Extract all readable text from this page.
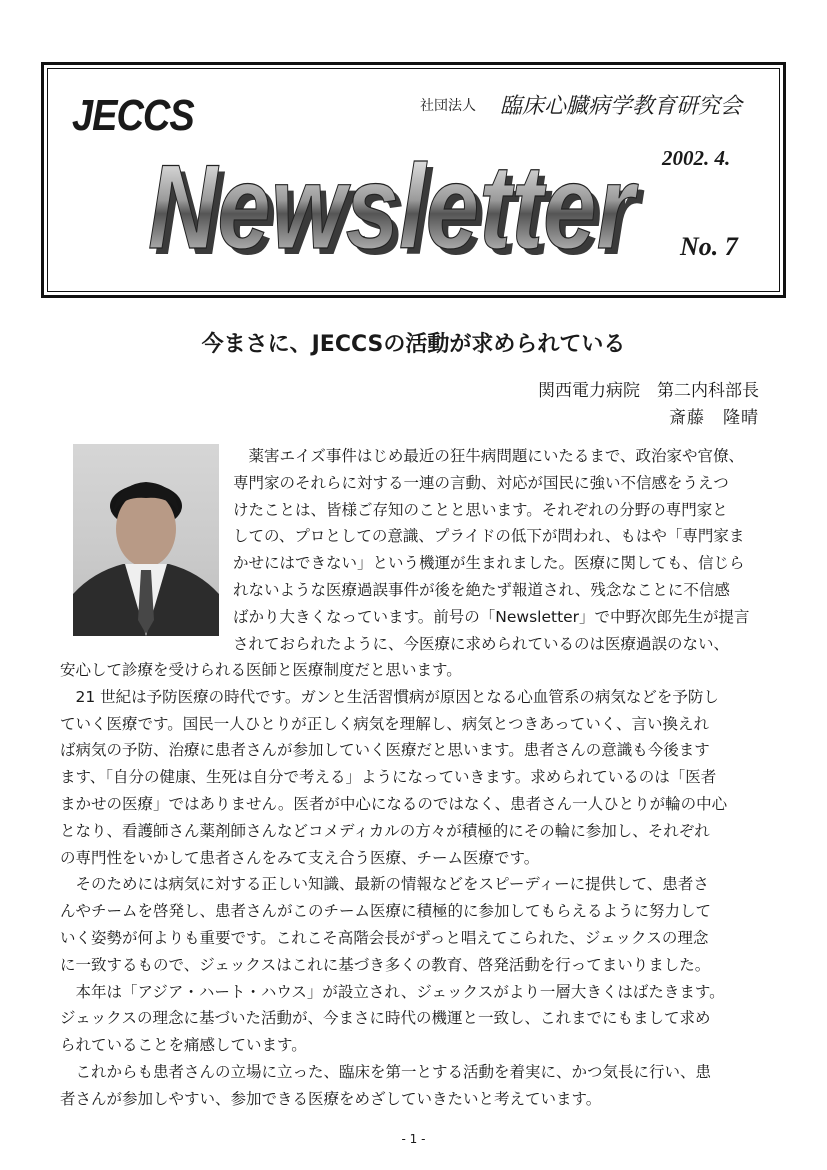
JECCS	社団法人 臨床心臓病学教育研究会
2002. 4.
No. 7
Newsletter
Newsletter
今まさに、JECCSの活動が求められている
関西電力病院　第二内科部長
斎藤　隆晴
　薬害エイズ事件はじめ最近の狂牛病問題にいたるまで、政治家や官僚、
専門家のそれらに対する一連の言動、対応が国民に強い不信感をうえつ
けたことは、皆様ご存知のことと思います。それぞれの分野の専門家と
しての、プロとしての意識、プライドの低下が問われ、もはや「専門家ま
かせにはできない」という機運が生まれました。医療に関しても、信じら
れないような医療過誤事件が後を絶たず報道され、残念なことに不信感
ばかり大きくなっています。前号の「Newsletter」で中野次郎先生が提言
されておられたように、今医療に求められているのは医療過誤のない、
安心して診療を受けられる医師と医療制度だと思います。
　21 世紀は予防医療の時代です。ガンと生活習慣病が原因となる心血管系の病気などを予防し
ていく医療です。国民一人ひとりが正しく病気を理解し、病気とつきあっていく、言い換えれ
ば病気の予防、治療に患者さんが参加していく医療だと思います。患者さんの意識も今後ます
ます、「自分の健康、生死は自分で考える」ようになっていきます。求められているのは「医者
まかせの医療」ではありません。医者が中心になるのではなく、患者さん一人ひとりが輪の中心
となり、看護師さん薬剤師さんなどコメディカルの方々が積極的にその輪に参加し、それぞれ
の専門性をいかして患者さんをみて支え合う医療、チーム医療です。
　そのためには病気に対する正しい知識、最新の情報などをスピーディーに提供して、患者さ
んやチームを啓発し、患者さんがこのチーム医療に積極的に参加してもらえるように努力して
いく姿勢が何よりも重要です。これこそ高階会長がずっと唱えてこられた、ジェックスの理念
に一致するもので、ジェックスはこれに基づき多くの教育、啓発活動を行ってまいりました。
　本年は「アジア・ハート・ハウス」が設立され、ジェックスがより一層大きくはばたきます。
ジェックスの理念に基づいた活動が、今まさに時代の機運と一致し、これまでにもまして求め
られていることを痛感しています。
　これからも患者さんの立場に立った、臨床を第一とする活動を着実に、かつ気長に行い、患
者さんが参加しやすい、参加できる医療をめざしていきたいと考えています。
- 1 -
